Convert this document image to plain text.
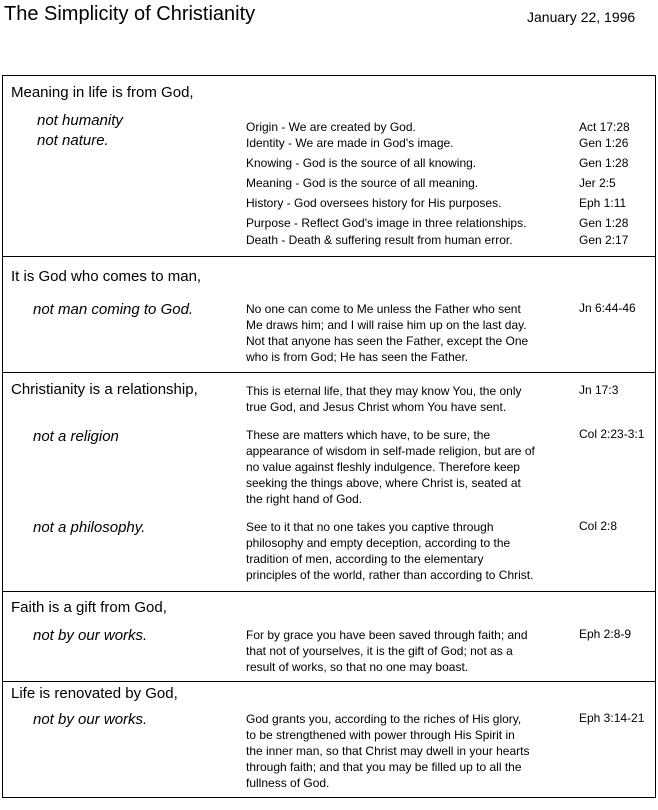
The Simplicity of Christianity	January 22, 1996
Meaning in life is from God,
not humanity
not nature.
Origin - We are created by God.	Act 17:28
Identity - We are made in God's image.	Gen 1:26
Knowing - God is the source of all knowing.	Gen 1:28
Meaning - God is the source of all meaning.	Jer 2:5
History - God oversees history for His purposes.	Eph 1:11
Purpose - Reflect God's image in three relationships.	Gen 1:28
Death - Death & suffering result from human error.	Gen 2:17
It is God who comes to man,
not man coming to God.	No one can come to Me unless the Father who sent
Me draws him; and I will raise him up on the last day.
Not that anyone has seen the Father, except the One
who is from God; He has seen the Father.
Jn 6:44-46
Christianity is a relationship,	This is eternal life, that they may know You, the only
true God, and Jesus Christ whom You have sent.
Jn 17:3
not a religion	These are matters which have, to be sure, the
appearance of wisdom in self-made religion, but are of
no value against fleshly indulgence. Therefore keep
seeking the things above, where Christ is, seated at
the right hand of God.
Col 2:23-3:1
not a philosophy.	See to it that no one takes you captive through
philosophy and empty deception, according to the
tradition of men, according to the elementary
principles of the world, rather than according to Christ.
Col 2:8
Faith is a gift from God,
not by our works.	For by grace you have been saved through faith; and
that not of yourselves, it is the gift of God; not as a
result of works, so that no one may boast.
Eph 2:8-9
Life is renovated by God,
not by our works.	God grants you, according to the riches of His glory,
to be strengthened with power through His Spirit in
the inner man, so that Christ may dwell in your hearts
through faith; and that you may be filled up to all the
fullness of God.
Eph 3:14-21
